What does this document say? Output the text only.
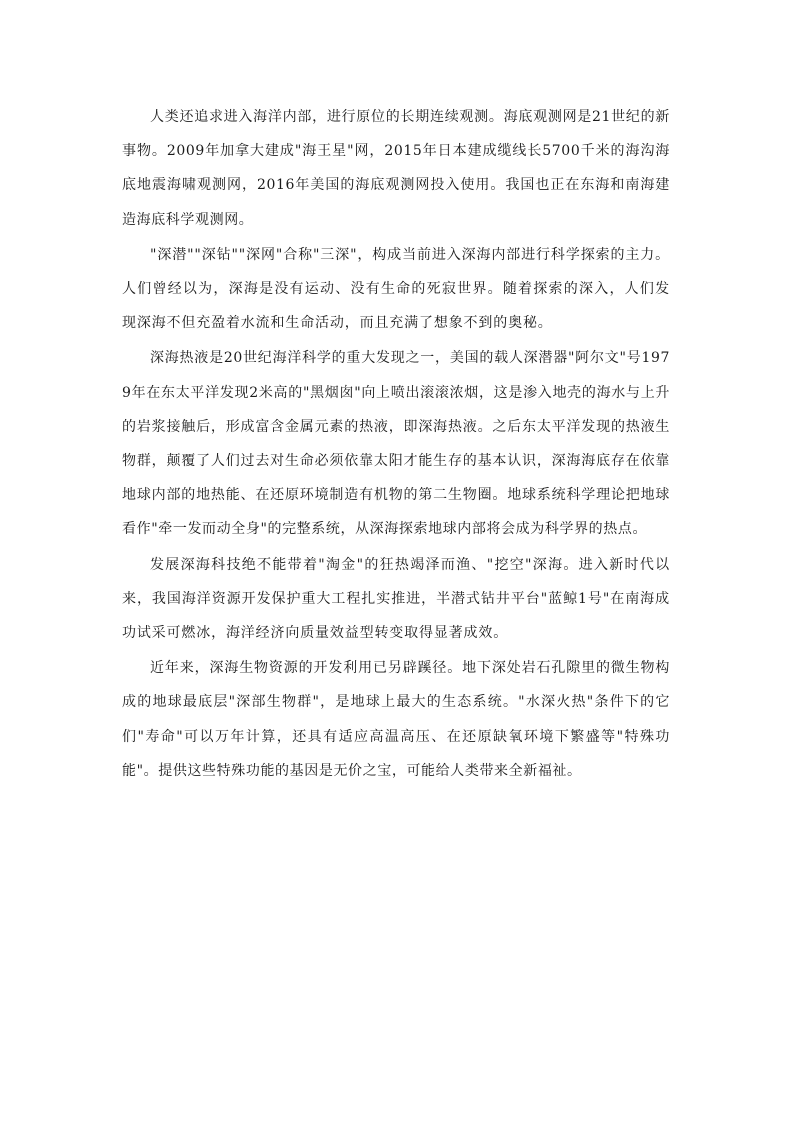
人类还追求进入海洋内部，进行原位的长期连续观测。海底观测网是21世纪的新事物。2009年加拿大建成"海王星"网，2015年日本建成缆线长5700千米的海沟海底地震海啸观测网，2016年美国的海底观测网投入使用。我国也正在东海和南海建造海底科学观测网。

"深潜""深钻""深网"合称"三深"，构成当前进入深海内部进行科学探索的主力。人们曾经以为，深海是没有运动、没有生命的死寂世界。随着探索的深入，人们发现深海不但充盈着水流和生命活动，而且充满了想象不到的奥秘。

深海热液是20世纪海洋科学的重大发现之一，美国的载人深潜器"阿尔文"号1979年在东太平洋发现2米高的"黑烟囱"向上喷出滚滚浓烟，这是渗入地壳的海水与上升的岩浆接触后，形成富含金属元素的热液，即深海热液。之后东太平洋发现的热液生物群，颠覆了人们过去对生命必须依靠太阳才能生存的基本认识，深海海底存在依靠地球内部的地热能、在还原环境制造有机物的第二生物圈。地球系统科学理论把地球看作"牵一发而动全身"的完整系统，从深海探索地球内部将会成为科学界的热点。

发展深海科技绝不能带着"淘金"的狂热竭泽而渔、"挖空"深海。进入新时代以来，我国海洋资源开发保护重大工程扎实推进，半潜式钻井平台"蓝鲸1号"在南海成功试采可燃冰，海洋经济向质量效益型转变取得显著成效。

近年来，深海生物资源的开发利用已另辟蹊径。地下深处岩石孔隙里的微生物构成的地球最底层"深部生物群"，是地球上最大的生态系统。"水深火热"条件下的它们"寿命"可以万年计算，还具有适应高温高压、在还原缺氧环境下繁盛等"特殊功能"。提供这些特殊功能的基因是无价之宝，可能给人类带来全新福祉。
